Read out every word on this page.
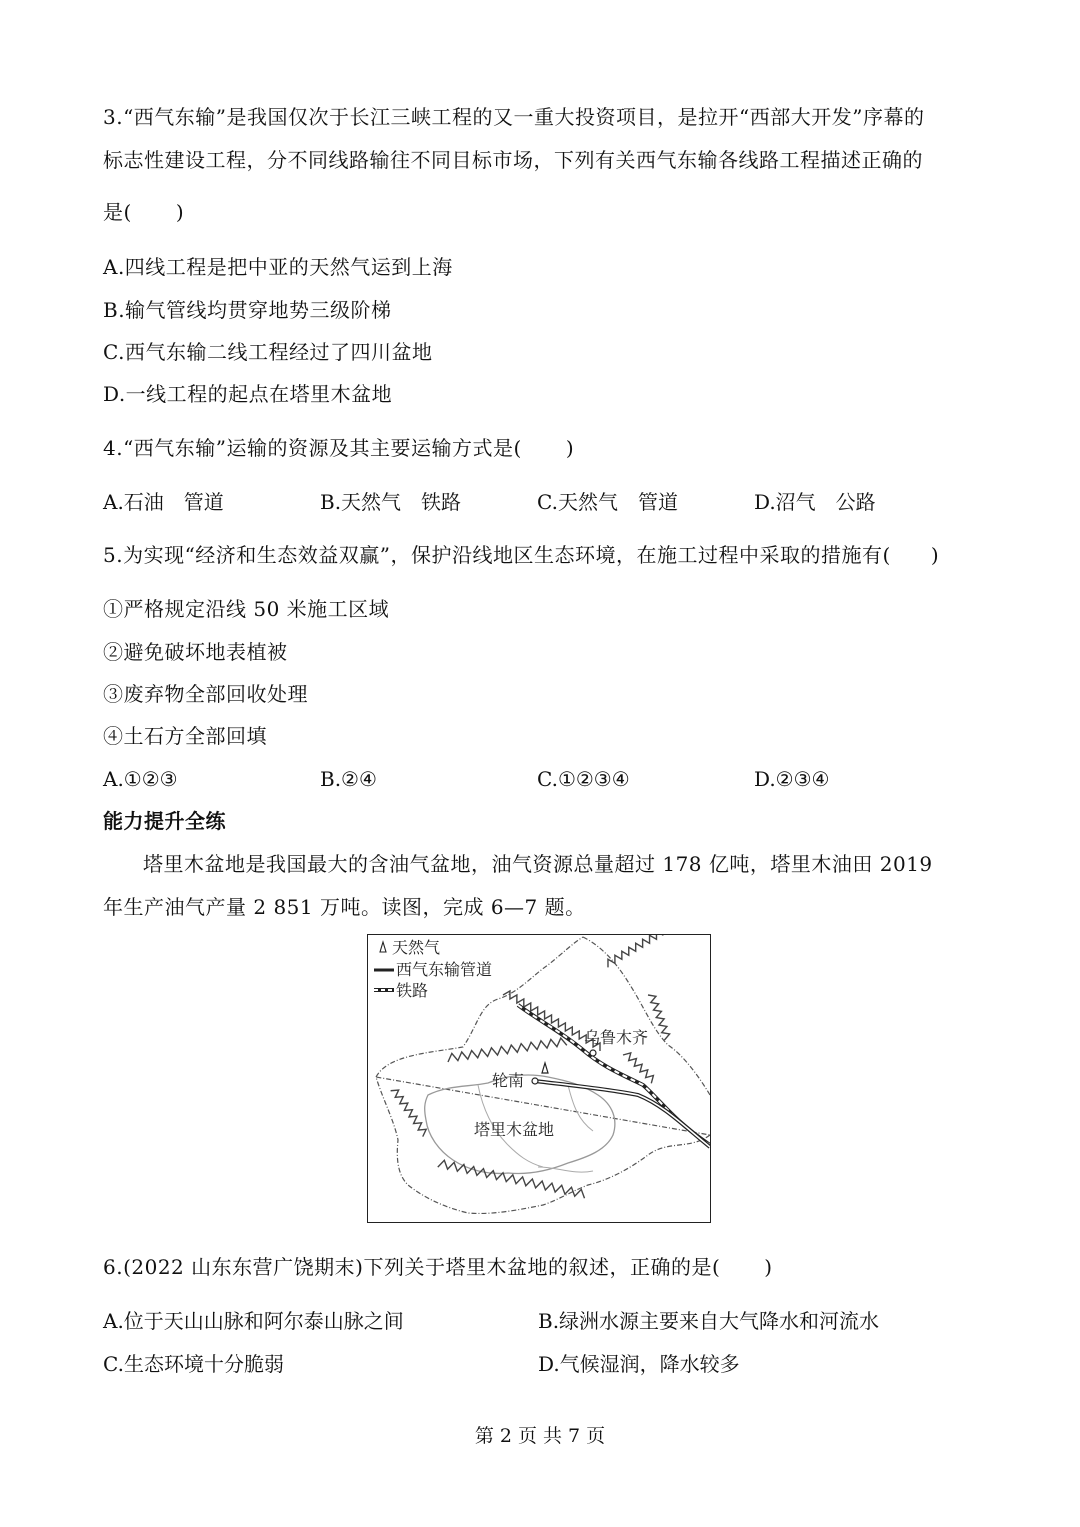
3.“西气东输”是我国仅次于长江三峡工程的又一重大投资项目，是拉开“西部大开发”序幕的
标志性建设工程，分不同线路输往不同目标市场，下列有关西气东输各线路工程描述正确的
是( )
A.四线工程是把中亚的天然气运到上海
B.输气管线均贯穿地势三级阶梯
C.西气东输二线工程经过了四川盆地
D.一线工程的起点在塔里木盆地
4.“西气东输”运输的资源及其主要运输方式是( )
A.石油　管道	B.天然气　铁路	C.天然气　管道	D.沼气　公路
5.为实现“经济和生态效益双赢”，保护沿线地区生态环境，在施工过程中采取的措施有( )
①严格规定沿线 50 米施工区域
②避免破坏地表植被
③废弃物全部回收处理
④土石方全部回填
A.①②③	B.②④	C.①②③④	D.②③④
能力提升全练
塔里木盆地是我国最大的含油气盆地，油气资源总量超过 178 亿吨，塔里木油田 2019
年生产油气产量 2 851 万吨。读图，完成 6—7 题。
乌鲁木齐
轮南
塔里木盆地
天然气
西气东输管道
铁路
6.(2022 山东东营广饶期末)下列关于塔里木盆地的叙述，正确的是( )
A.位于天山山脉和阿尔泰山脉之间	B.绿洲水源主要来自大气降水和河流水
C.生态环境十分脆弱	D.气候湿润，降水较多
第 2 页 共 7 页
